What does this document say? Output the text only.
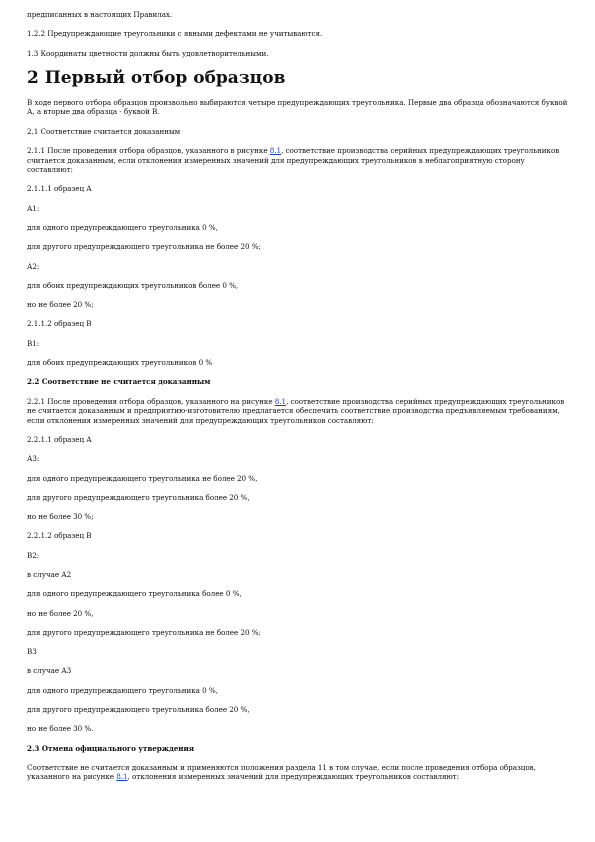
предписанных в настоящих Правилах.

1.2.2 Предупреждающие треугольники с явными дефектами не учитываются.

1.3 Координаты цветности должны быть удовлетворительными.

2 Первый отбор образцов

В ходе первого отбора образцов произвольно выбираются четыре предупреждающих треугольника. Первые два образца обозначаются буквой А, а вторые два образца - буквой В.

2.1 Соответствие считается доказанным

2.1.1 После проведения отбора образцов, указанного в рисунке 8.1, соответствие производства серийных предупреждающих треугольников считается доказанным, если отклонения измеренных значений для предупреждающих треугольников в неблагоприятную сторону составляют:

2.1.1.1 образец А

А1:

для одного предупреждающего треугольника 0 %,

для другого предупреждающего треугольника не более 20 %;

А2:

для обоих предупреждающих треугольников более 0 %,

но не более 20 %;

2.1.1.2 образец В

В1:

для обоих предупреждающих треугольников 0 %

2.2 Соответствие не считается доказанным

2.2.1 После проведения отбора образцов, указанного на рисунке 8.1, соответствие производства серийных предупреждающих треугольников не считается доказанным и предприятию-изготовителю предлагается обеспечить соответствие производства предъявляемым требованиям, если отклонения измеренных значений для предупреждающих треугольников составляют:

2.2.1.1 образец А

А3:

для одного предупреждающего треугольника не более 20 %,

для другого предупреждающего треугольника более 20 %,

но не более 30 %;

2.2.1.2 образец В

В2:

в случае А2

для одного предупреждающего треугольника более 0 %,

но не более 20 %,

для другого предупреждающего треугольника не более 20 %;

В3

в случае А3

для одного предупреждающего треугольника 0 %,

для другого предупреждающего треугольника более 20 %,

но не более 30 %.

2.3 Отмена официального утверждения

Соответствие не считается доказанным и применяются положения раздела 11 в том случае, если после проведения отбора образцов, указанного на рисунке 8.1, отклонения измеренных значений для предупреждающих треугольников составляют:
